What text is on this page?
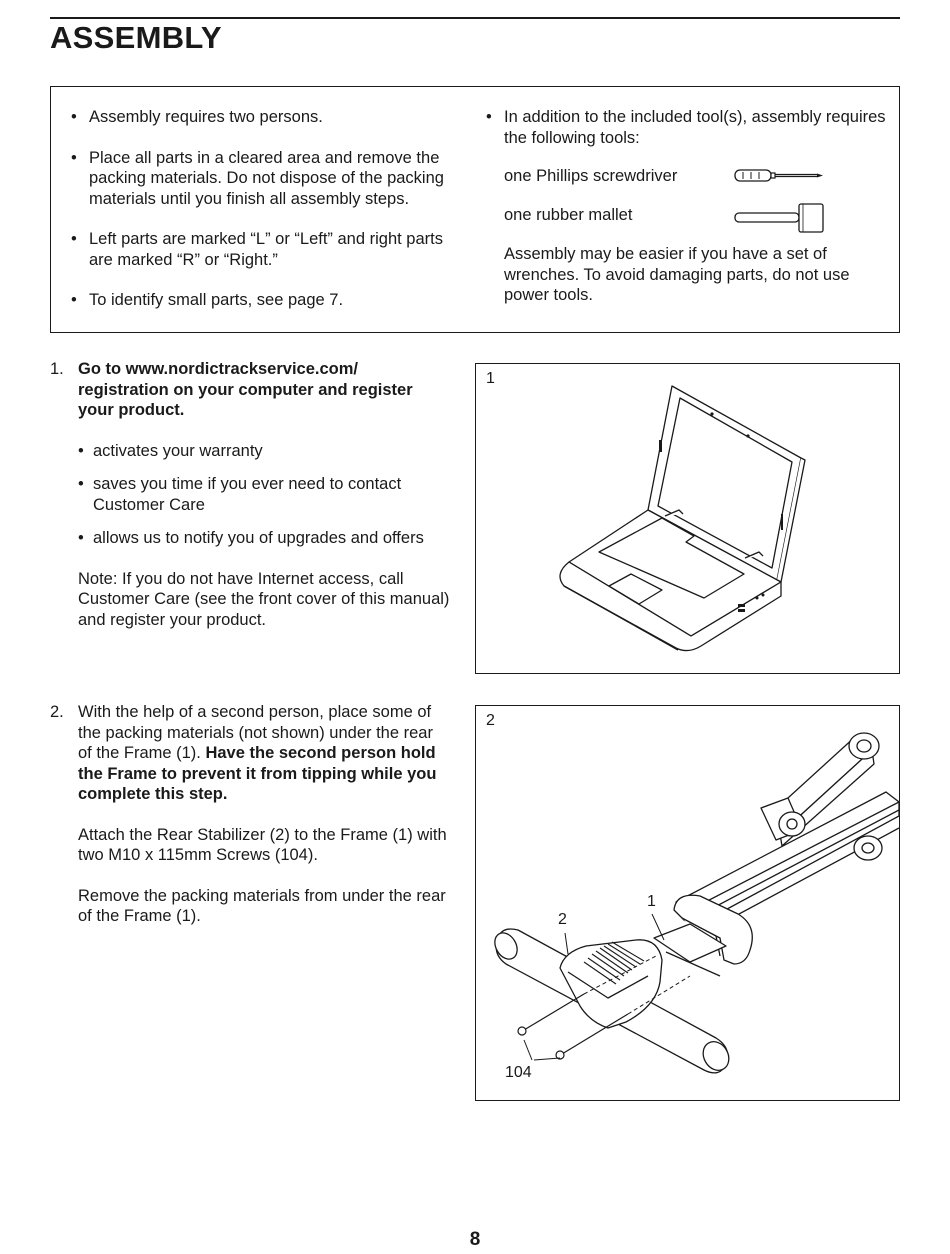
ASSEMBLY
• Assembly requires two persons.
• Place all parts in a cleared area and remove the packing materials. Do not dispose of the packing materials until you finish all assembly steps.
• Left parts are marked “L” or “Left” and right parts are marked “R” or “Right.”
• To identify small parts, see page 7.
• In addition to the included tool(s), assembly requires the following tools:
one Phillips screwdriver
one rubber mallet
Assembly may be easier if you have a set of wrenches. To avoid damaging parts, do not use power tools.
1. Go to www.nordictrackservice.com/ registration on your computer and register your product.

• activates your warranty
• saves you time if you ever need to contact Customer Care
• allows us to notify you of upgrades and offers

Note: If you do not have Internet access, call Customer Care (see the front cover of this manual) and register your product.

1
2. With the help of a second person, place some of the packing materials (not shown) under the rear of the Frame (1). Have the second person hold the Frame to prevent it from tipping while you complete this step.

Attach the Rear Stabilizer (2) to the Frame (1) with two M10 x 115mm Screws (104).

Remove the packing materials from under the rear of the Frame (1).

2
1
2
104
8
